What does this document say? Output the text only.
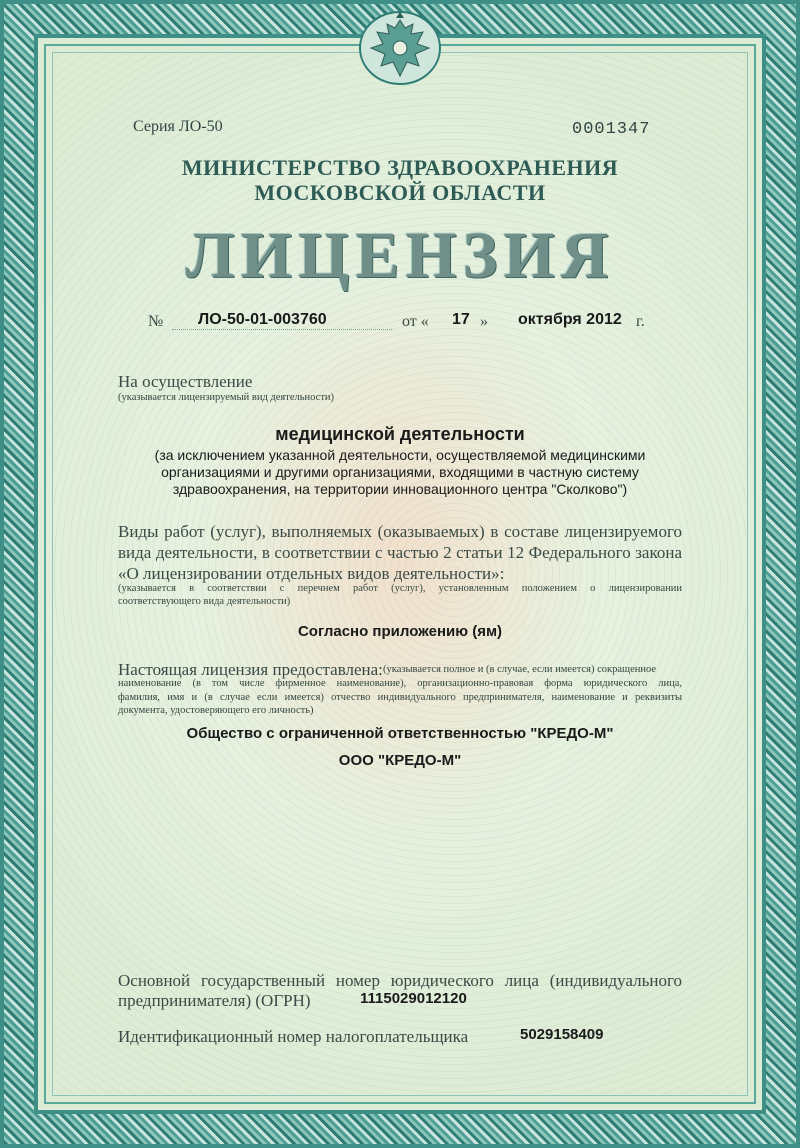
Серия ЛО-50	0001347
МИНИСТЕРСТВО ЗДРАВООХРАНЕНИЯ
МОСКОВСКОЙ ОБЛАСТИ
ЛИЦЕНЗИЯ
№	ЛО-50-01-003760	от « 17 » октября 2012 г.
На осуществление
(указывается лицензируемый вид деятельности)
медицинской деятельности
(за исключением указанной деятельности, осуществляемой медицинскими
организациями и другими организациями, входящими в частную систему
здравоохранения, на территории инновационного центра "Сколково")
Виды работ (услуг), выполняемых (оказываемых) в составе лицензируемого
вида деятельности, в соответствии с частью 2 статьи 12 Федерального закона
«О лицензировании отдельных видов деятельности»:
(указывается в соответствии с перечнем работ (услуг), установленным положением о лицензировании
соответствующего вида деятельности)
Согласно приложению (ям)
Настоящая лицензия предоставлена: (указывается полное и (в случае, если имеется) сокращенное
наименование (в том числе фирменное наименование), организационно-правовая форма юридического лица,
фамилия, имя и (в случае если имеется) отчество индивидуального предпринимателя, наименование и реквизиты
документа, удостоверяющего его личность)
Общество с ограниченной ответственностью "КРЕДО-М"
ООО "КРЕДО-М"
Основной государственный номер юридического лица (индивидуального
предпринимателя) (ОГРН)	1115029012120
Идентификационный номер налогоплательщика	5029158409
